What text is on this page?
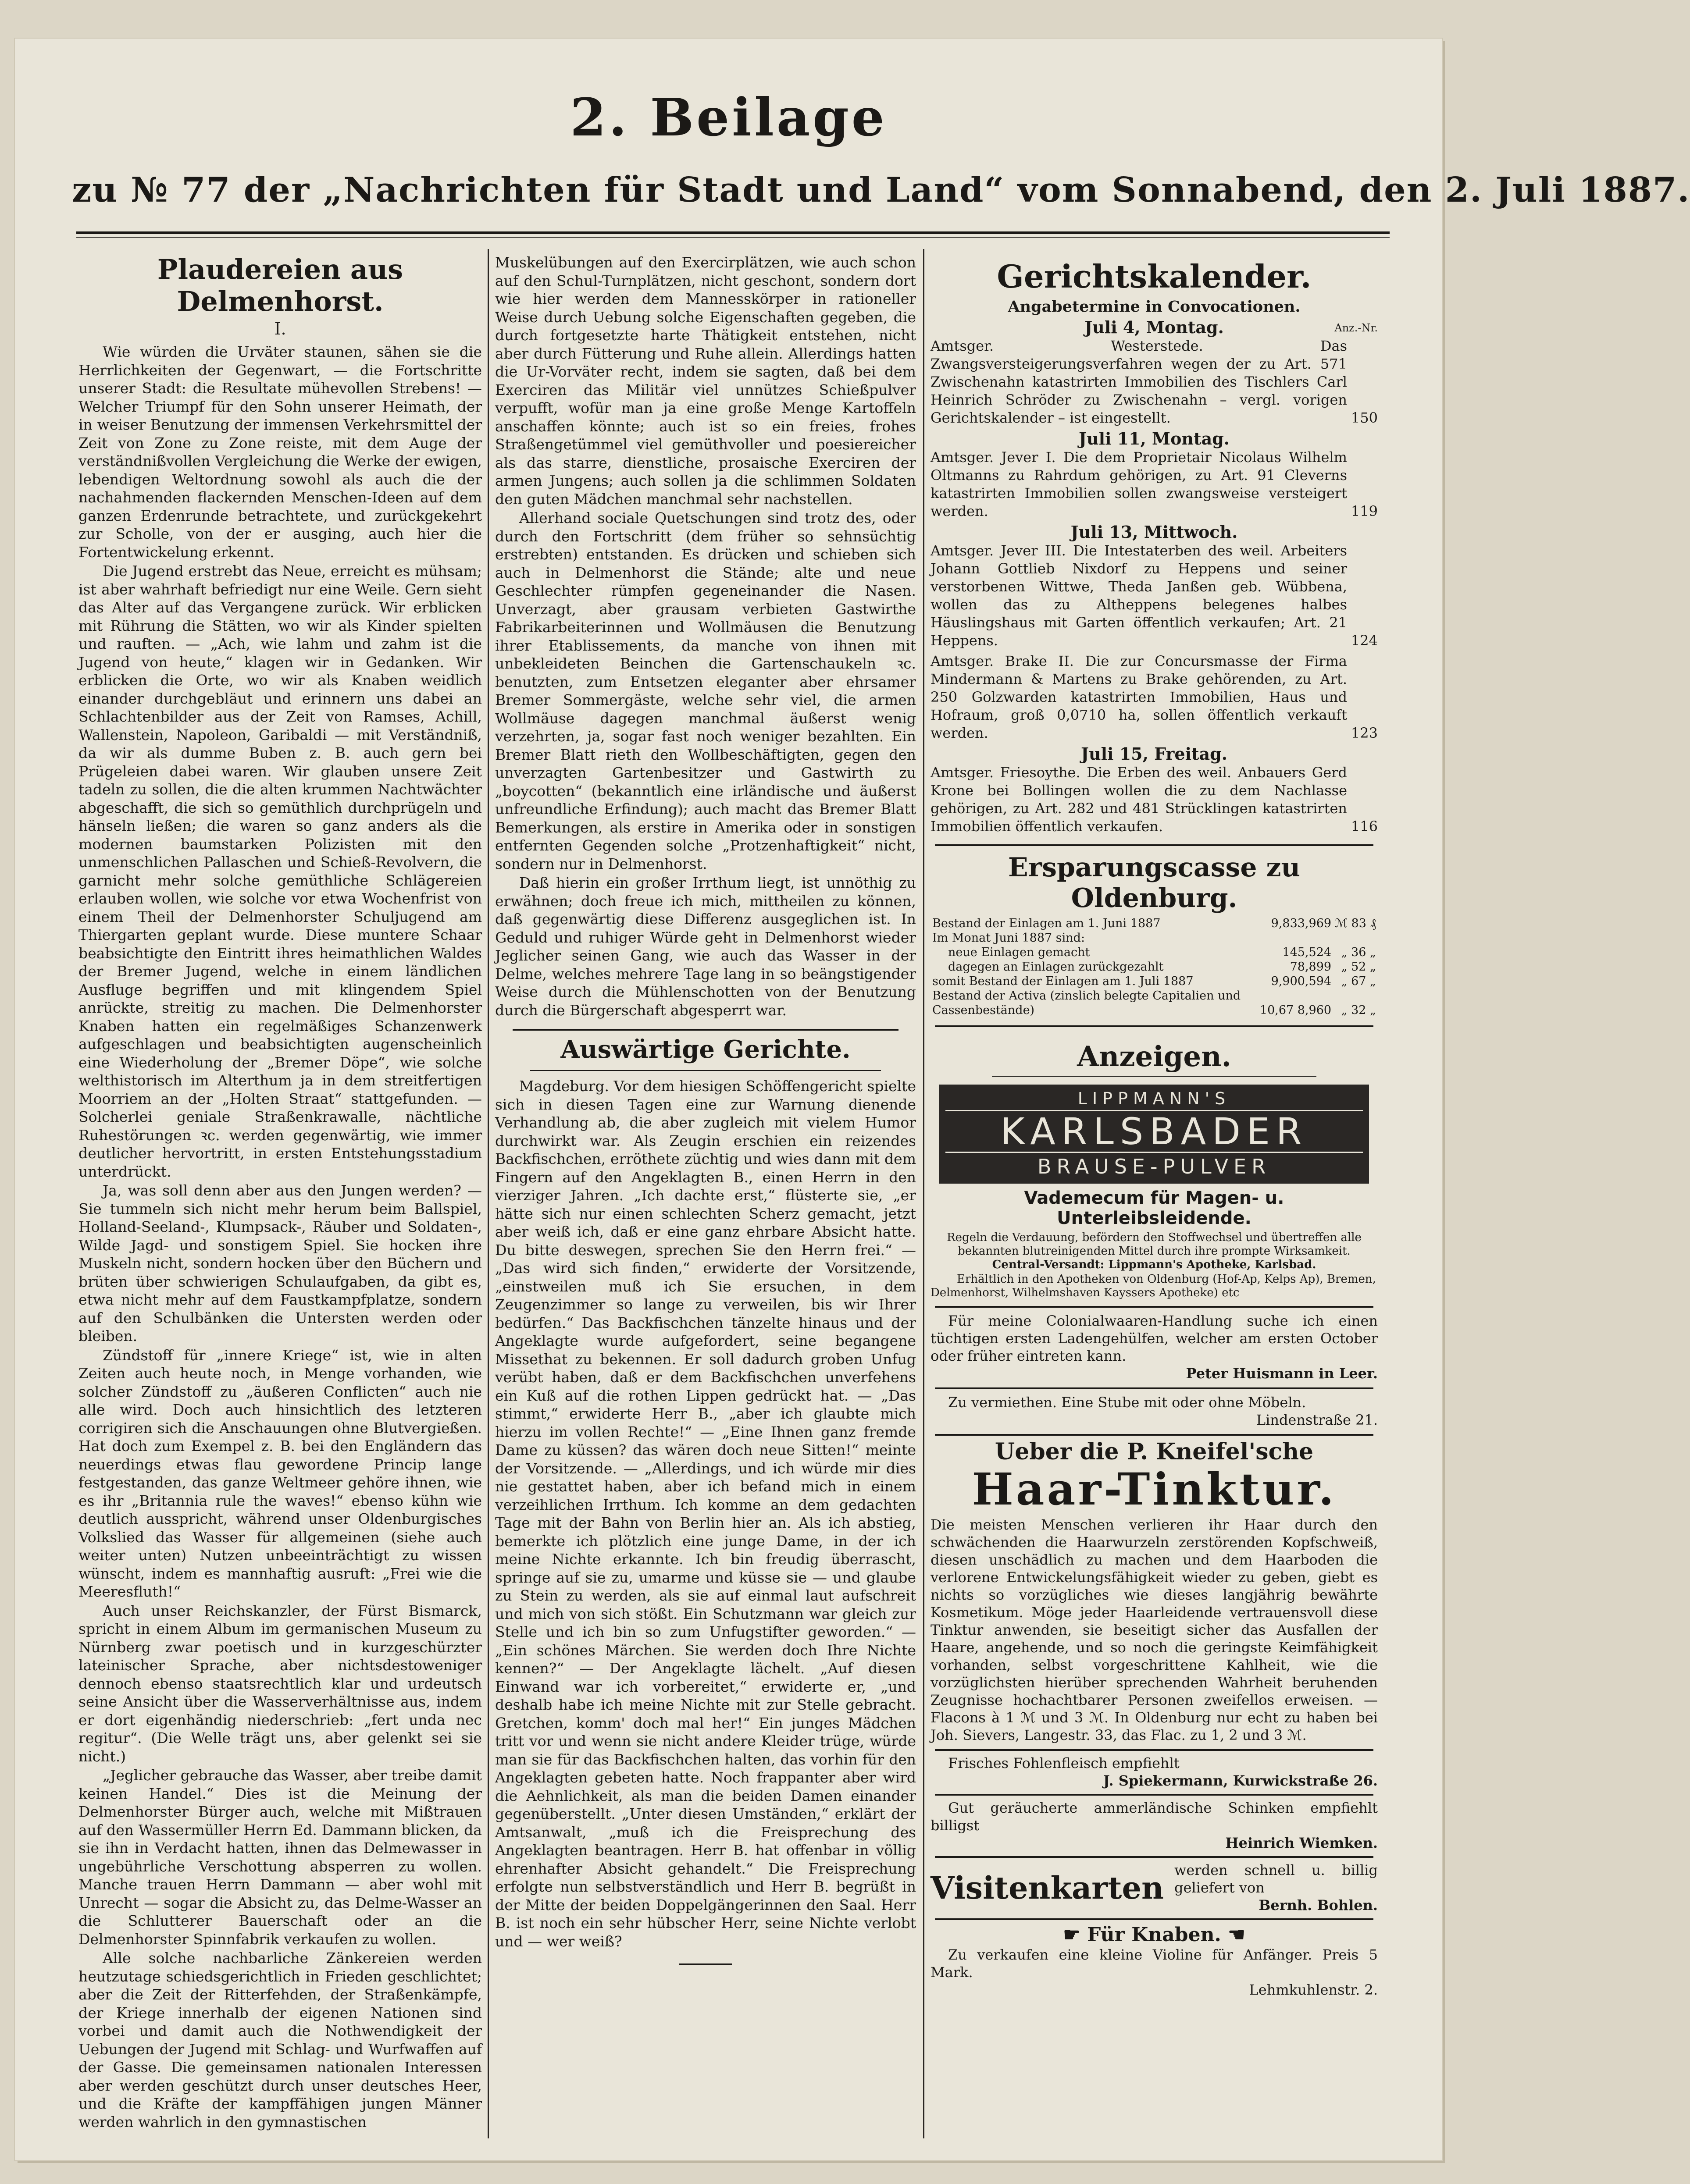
2. Beilage
zu № 77 der „Nachrichten für Stadt und Land“ vom Sonnabend, den 2. Juli 1887.
Plaudereien aus Delmenhorst.
I.

Wie würden die Urväter staunen, sähen sie die Herrlichkeiten der Gegenwart, — die Fortschritte unserer Stadt: die Resultate mühevollen Strebens! — Welcher Triumpf für den Sohn unserer Heimath, der in weiser Benutzung der immensen Verkehrsmittel der Zeit von Zone zu Zone reiste, mit dem Auge der verständnißvollen Vergleichung die Werke der ewigen, lebendigen Weltordnung sowohl als auch die der nachahmenden flackernden Menschen-Ideen auf dem ganzen Erdenrunde betrachtete, und zurückgekehrt zur Scholle, von der er ausging, auch hier die Fortentwickelung erkennt.

Die Jugend erstrebt das Neue, erreicht es mühsam; ist aber wahrhaft befriedigt nur eine Weile. Gern sieht das Alter auf das Vergangene zurück. Wir erblicken mit Rührung die Stätten, wo wir als Kinder spielten und rauften. — „Ach, wie lahm und zahm ist die Jugend von heute,“ klagen wir in Gedanken. Wir erblicken die Orte, wo wir als Knaben weidlich einander durchgebläut und erinnern uns dabei an Schlachtenbilder aus der Zeit von Ramses, Achill, Wallenstein, Napoleon, Garibaldi — mit Verständniß, da wir als dumme Buben z. B. auch gern bei Prügeleien dabei waren. Wir glauben unsere Zeit tadeln zu sollen, die die alten krummen Nachtwächter abgeschafft, die sich so gemüthlich durchprügeln und hänseln ließen; die waren so ganz anders als die modernen baumstarken Polizisten mit den unmenschlichen Pallaschen und Schieß-Revolvern, die garnicht mehr solche gemüthliche Schlägereien erlauben wollen, wie solche vor etwa Wochenfrist von einem Theil der Delmenhorster Schuljugend am Thiergarten geplant wurde. Diese muntere Schaar beabsichtigte den Eintritt ihres heimathlichen Waldes der Bremer Jugend, welche in einem ländlichen Ausfluge begriffen und mit klingendem Spiel anrückte, streitig zu machen. Die Delmenhorster Knaben hatten ein regelmäßiges Schanzenwerk aufgeschlagen und beabsichtigten augenscheinlich eine Wiederholung der „Bremer Döpe“, wie solche welthistorisch im Alterthum ja in dem streitfertigen Moorriem an der „Holten Straat“ stattgefunden. — Solcherlei geniale Straßenkrawalle, nächtliche Ruhestörungen ꝛc. werden gegenwärtig, wie immer deutlicher hervortritt, in ersten Entstehungsstadium unterdrückt.

Ja, was soll denn aber aus den Jungen werden? — Sie tummeln sich nicht mehr herum beim Ballspiel, Holland-Seeland-, Klumpsack-, Räuber und Soldaten-, Wilde Jagd- und sonstigem Spiel. Sie hocken ihre Muskeln nicht, sondern hocken über den Büchern und brüten über schwierigen Schulaufgaben, da gibt es, etwa nicht mehr auf dem Faustkampfplatze, sondern auf den Schulbänken die Untersten werden oder bleiben.

Zündstoff für „innere Kriege“ ist, wie in alten Zeiten auch heute noch, in Menge vorhanden, wie solcher Zündstoff zu „äußeren Conflicten“ auch nie alle wird. Doch auch hinsichtlich des letzteren corrigiren sich die Anschauungen ohne Blutvergießen. Hat doch zum Exempel z. B. bei den Engländern das neuerdings etwas flau gewordene Princip lange festgestanden, das ganze Weltmeer gehöre ihnen, wie es ihr „Britannia rule the waves!“ ebenso kühn wie deutlich ausspricht, während unser Oldenburgisches Volkslied das Wasser für allgemeinen (siehe auch weiter unten) Nutzen unbeeinträchtigt zu wissen wünscht, indem es mannhaftig ausruft: „Frei wie die Meeresfluth!“

Auch unser Reichskanzler, der Fürst Bismarck, spricht in einem Album im germanischen Museum zu Nürnberg zwar poetisch und in kurzgeschürzter lateinischer Sprache, aber nichtsdestoweniger dennoch ebenso staatsrechtlich klar und urdeutsch seine Ansicht über die Wasserverhältnisse aus, indem er dort eigenhändig niederschrieb: „fert unda nec regitur“. (Die Welle trägt uns, aber gelenkt sei sie nicht.)

„Jeglicher gebrauche das Wasser, aber treibe damit keinen Handel.“ Dies ist die Meinung der Delmenhorster Bürger auch, welche mit Mißtrauen auf den Wassermüller Herrn Ed. Dammann blicken, da sie ihn in Verdacht hatten, ihnen das Delmewasser in ungebührliche Verschottung absperren zu wollen. Manche trauen Herrn Dammann — aber wohl mit Unrecht — sogar die Absicht zu, das Delme-Wasser an die Schlutterer Bauerschaft oder an die Delmenhorster Spinnfabrik verkaufen zu wollen.

Alle solche nachbarliche Zänkereien werden heutzutage schiedsgerichtlich in Frieden geschlichtet; aber die Zeit der Ritterfehden, der Straßenkämpfe, der Kriege innerhalb der eigenen Nationen sind vorbei und damit auch die Nothwendigkeit der Uebungen der Jugend mit Schlag- und Wurfwaffen auf der Gasse. Die gemeinsamen nationalen Interessen aber werden geschützt durch unser deutsches Heer, und die Kräfte der kampffähigen jungen Männer werden wahrlich in den gymnastischen

Muskelübungen auf den Exercirplätzen, wie auch schon auf den Schul-Turnplätzen, nicht geschont, sondern dort wie hier werden dem Mannesskörper in rationeller Weise durch Uebung solche Eigenschaften gegeben, die durch fortgesetzte harte Thätigkeit entstehen, nicht aber durch Fütterung und Ruhe allein. Allerdings hatten die Ur-Vorväter recht, indem sie sagten, daß bei dem Exerciren das Militär viel unnützes Schießpulver verpufft, wofür man ja eine große Menge Kartoffeln anschaffen könnte; auch ist so ein freies, frohes Straßengetümmel viel gemüthvoller und poesiereicher als das starre, dienstliche, prosaische Exerciren der armen Jungens; auch sollen ja die schlimmen Soldaten den guten Mädchen manchmal sehr nachstellen.

Allerhand sociale Quetschungen sind trotz des, oder durch den Fortschritt (dem früher so sehnsüchtig erstrebten) entstanden. Es drücken und schieben sich auch in Delmenhorst die Stände; alte und neue Geschlechter rümpfen gegeneinander die Nasen. Unverzagt, aber grausam verbieten Gastwirthe Fabrikarbeiterinnen und Wollmäusen die Benutzung ihrer Etablissements, da manche von ihnen mit unbekleideten Beinchen die Gartenschaukeln ꝛc. benutzten, zum Entsetzen eleganter aber ehrsamer Bremer Sommergäste, welche sehr viel, die armen Wollmäuse dagegen manchmal äußerst wenig verzehrten, ja, sogar fast noch weniger bezahlten. Ein Bremer Blatt rieth den Wollbeschäftigten, gegen den unverzagten Gartenbesitzer und Gastwirth zu „boycotten“ (bekanntlich eine irländische und äußerst unfreundliche Erfindung); auch macht das Bremer Blatt Bemerkungen, als erstire in Amerika oder in sonstigen entfernten Gegenden solche „Protzenhaftigkeit“ nicht, sondern nur in Delmenhorst.

Daß hierin ein großer Irrthum liegt, ist unnöthig zu erwähnen; doch freue ich mich, mittheilen zu können, daß gegenwärtig diese Differenz ausgeglichen ist. In Geduld und ruhiger Würde geht in Delmenhorst wieder Jeglicher seinen Gang, wie auch das Wasser in der Delme, welches mehrere Tage lang in so beängstigender Weise durch die Mühlenschotten von der Benutzung durch die Bürgerschaft abgesperrt war.

Auswärtige Gerichte.

Magdeburg. Vor dem hiesigen Schöffengericht spielte sich in diesen Tagen eine zur Warnung dienende Verhandlung ab, die aber zugleich mit vielem Humor durchwirkt war. Als Zeugin erschien ein reizendes Backfischchen, erröthete züchtig und wies dann mit dem Fingern auf den Angeklagten B., einen Herrn in den vierziger Jahren. „Ich dachte erst,“ flüsterte sie, „er hätte sich nur einen schlechten Scherz gemacht, jetzt aber weiß ich, daß er eine ganz ehrbare Absicht hatte. Du bitte deswegen, sprechen Sie den Herrn frei.“ — „Das wird sich finden,“ erwiderte der Vorsitzende, „einstweilen muß ich Sie ersuchen, in dem Zeugenzimmer so lange zu verweilen, bis wir Ihrer bedürfen.“ Das Backfischchen tänzelte hinaus und der Angeklagte wurde aufgefordert, seine begangene Missethat zu bekennen. Er soll dadurch groben Unfug verübt haben, daß er dem Backfischchen unverfehens ein Kuß auf die rothen Lippen gedrückt hat. — „Das stimmt,“ erwiderte Herr B., „aber ich glaubte mich hierzu im vollen Rechte!“ — „Eine Ihnen ganz fremde Dame zu küssen? das wären doch neue Sitten!“ meinte der Vorsitzende. — „Allerdings, und ich würde mir dies nie gestattet haben, aber ich befand mich in einem verzeihlichen Irrthum. Ich komme an dem gedachten Tage mit der Bahn von Berlin hier an. Als ich abstieg, bemerkte ich plötzlich eine junge Dame, in der ich meine Nichte erkannte. Ich bin freudig überrascht, springe auf sie zu, umarme und küsse sie — und glaube zu Stein zu werden, als sie auf einmal laut aufschreit und mich von sich stößt. Ein Schutzmann war gleich zur Stelle und ich bin so zum Unfugstifter geworden.“ — „Ein schönes Märchen. Sie werden doch Ihre Nichte kennen?“ — Der Angeklagte lächelt. „Auf diesen Einwand war ich vorbereitet,“ erwiderte er, „und deshalb habe ich meine Nichte mit zur Stelle gebracht. Gretchen, komm' doch mal her!“ Ein junges Mädchen tritt vor und wenn sie nicht andere Kleider trüge, würde man sie für das Backfischchen halten, das vorhin für den Angeklagten gebeten hatte. Noch frappanter aber wird die Aehnlichkeit, als man die beiden Damen einander gegenüberstellt. „Unter diesen Umständen,“ erklärt der Amtsanwalt, „muß ich die Freisprechung des Angeklagten beantragen. Herr B. hat offenbar in völlig ehrenhafter Absicht gehandelt.“ Die Freisprechung erfolgte nun selbstverständlich und Herr B. begrüßt in der Mitte der beiden Doppelgängerinnen den Saal. Herr B. ist noch ein sehr hübscher Herr, seine Nichte verlobt und — wer weiß?

Gerichtskalender.
Angabetermine in Convocationen.
Juli 4, Montag.	Anz.-Nr.
Amtsger. Westerstede. Das Zwangsversteigerungsverfahren wegen der zu Art. 571 Zwischenahn katastrirten Immobilien des Tischlers Carl Heinrich Schröder zu Zwischenahn – vergl. vorigen Gerichtskalender – ist eingestellt.	150
Juli 11, Montag.
Amtsger. Jever I. Die dem Proprietair Nicolaus Wilhelm Oltmanns zu Rahrdum gehörigen, zu Art. 91 Cleverns katastrirten Immobilien sollen zwangsweise versteigert werden.	119
Juli 13, Mittwoch.
Amtsger. Jever III. Die Intestaterben des weil. Arbeiters Johann Gottlieb Nixdorf zu Heppens und seiner verstorbenen Wittwe, Theda Janßen geb. Wübbena, wollen das zu Altheppens belegenes halbes Häuslingshaus mit Garten öffentlich verkaufen; Art. 21 Heppens.	124
Amtsger. Brake II. Die zur Concursmasse der Firma Mindermann & Martens zu Brake gehörenden, zu Art. 250 Golzwarden katastrirten Immobilien, Haus und Hofraum, groß 0,0710 ha, sollen öffentlich verkauft werden.	123
Juli 15, Freitag.
Amtsger. Friesoythe. Die Erben des weil. Anbauers Gerd Krone bei Bollingen wollen die zu dem Nachlasse gehörigen, zu Art. 282 und 481 Strücklingen katastrirten Immobilien öffentlich verkaufen.	116
Ersparungscasse zu Oldenburg.
Bestand der Einlagen am 1. Juni 1887	9,833,969	ℳ 83 ₰
Im Monat Juni 1887 sind:		
neue Einlagen gemacht	145,524	„ 36 „
dagegen an Einlagen zurückgezahlt	78,899	„ 52 „
somit Bestand der Einlagen am 1. Juli 1887	9,900,594	„ 67 „
Bestand der Activa (zinslich belegte Capitalien und Cassenbestände)	10,67 8,960	„ 32 „
Anzeigen.
LIPPMANN'S
KARLSBADER
BRAUSE-PULVER
Vademecum für Magen- u. Unterleibsleidende.
Regeln die Verdauung, befördern den Stoffwechsel und übertreffen alle bekannten blutreinigenden Mittel durch ihre prompte Wirksamkeit.
Central-Versandt: Lippmann's Apotheke, Karlsbad.
Erhältlich in den Apotheken von Oldenburg (Hof-Ap, Kelps Ap), Bremen, Delmenhorst, Wilhelmshaven Kayssers Apotheke) etc
Für meine Colonialwaaren-Handlung suche ich einen tüchtigen ersten Ladengehülfen, welcher am ersten October oder früher eintreten kann.
Peter Huismann in Leer.
Zu vermiethen. Eine Stube mit oder ohne Möbeln.
Lindenstraße 21.
Ueber die P. Kneifel'sche
Haar-Tinktur.
Die meisten Menschen verlieren ihr Haar durch den schwächenden die Haarwurzeln zerstörenden Kopfschweiß, diesen unschädlich zu machen und dem Haarboden die verlorene Entwickelungsfähigkeit wieder zu geben, giebt es nichts so vorzügliches wie dieses langjährig bewährte Kosmetikum. Möge jeder Haarleidende vertrauensvoll diese Tinktur anwenden, sie beseitigt sicher das Ausfallen der Haare, angehende, und so noch die geringste Keimfähigkeit vorhanden, selbst vorgeschrittene Kahlheit, wie die vorzüglichsten hierüber sprechenden Wahrheit beruhenden Zeugnisse hochachtbarer Personen zweifellos erweisen. — Flacons à 1 ℳ und 3 ℳ. In Oldenburg nur echt zu haben bei Joh. Sievers, Langestr. 33, das Flac. zu 1, 2 und 3 ℳ.
Frisches Fohlenfleisch empfiehlt
J. Spiekermann, Kurwickstraße 26.
Gut geräucherte ammerländische Schinken empfiehlt billigst
Heinrich Wiemken.
Visitenkarten werden schnell u. billig geliefert von
Bernh. Bohlen.
☛ Für Knaben. ☚
Zu verkaufen eine kleine Violine für Anfänger. Preis 5 Mark.
Lehmkuhlenstr. 2.
